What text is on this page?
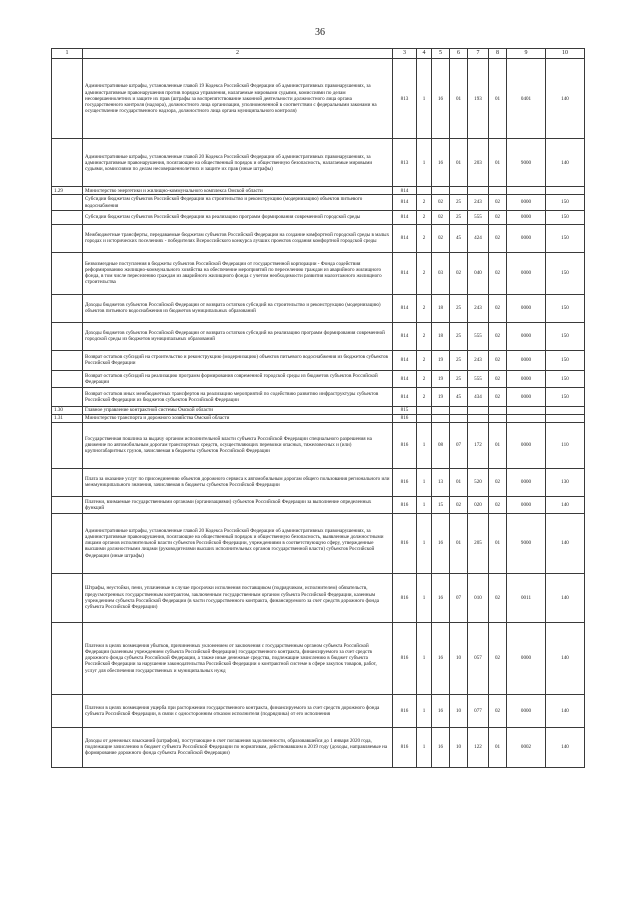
36
1	2	3	4	5	6	7	8	9	10
	Административные штрафы, установленные главой 19 Кодекса Российской Федерации об административных правонарушениях, за административные правонарушения против порядка управления, налагаемые мировыми судьями, комиссиями по делам несовершеннолетних и защите их прав (штрафы за воспрепятствование законной деятельности должностного лица органа государственного контроля (надзора), должностного лица организации, уполномоченной в соответствии с федеральными законами на осуществление государственного надзора, должностного лица органа муниципального контроля)	813	1	16	01	193	01	0401	140
	Административные штрафы, установленные главой 20 Кодекса Российской Федерации об административных правонарушениях, за административные правонарушения, посягающие на общественный порядок и общественную безопасность, налагаемые мировыми судьями, комиссиями по делам несовершеннолетних и защите их прав (иные штрафы)	813	1	16	01	203	01	9000	140
1.29	Министерство энергетики и жилищно-коммунального комплекса Омской области	814							
	Субсидии бюджетам субъектов Российской Федерации на строительство и реконструкцию (модернизацию) объектов питьевого водоснабжения	814	2	02	25	243	02	0000	150
	Субсидии бюджетам субъектов Российской Федерации на реализацию программ формирования современной городской среды	814	2	02	25	555	02	0000	150
	Межбюджетные трансферты, передаваемые бюджетам субъектов Российской Федерации на создание комфортной городской среды в малых городах и исторических поселениях - победителях Всероссийского конкурса лучших проектов создания комфортной городской среды	814	2	02	45	424	02	0000	150
	Безвозмездные поступления в бюджеты субъектов Российской Федерации от государственной корпорации - Фонда содействия реформированию жилищно-коммунального хозяйства на обеспечение мероприятий по переселению граждан из аварийного жилищного фонда, в том числе переселению граждан из аварийного жилищного фонда с учетом необходимости развития малоэтажного жилищного строительства	814	2	03	02	040	02	0000	150
	Доходы бюджетов субъектов Российской Федерации от возврата остатков субсидий на строительство и реконструкцию (модернизацию) объектов питьевого водоснабжения из бюджетов муниципальных образований	814	2	18	25	243	02	0000	150
	Доходы бюджетов субъектов Российской Федерации от возврата остатков субсидий на реализацию программ формирования современной городской среды из бюджетов муниципальных образований	814	2	18	25	555	02	0000	150
	Возврат остатков субсидий на строительство и реконструкцию (модернизацию) объектов питьевого водоснабжения из бюджетов субъектов Российской Федерации	814	2	19	25	243	02	0000	150
	Возврат остатков субсидий на реализацию программ формирования современной городской среды из бюджетов субъектов Российской Федерации	814	2	19	25	555	02	0000	150
	Возврат остатков иных межбюджетных трансфертов на реализацию мероприятий по содействию развитию инфраструктуры субъектов Российской Федерации из бюджетов субъектов Российской Федерации	814	2	19	45	434	02	0000	150
1.30	Главное управление контрактной системы Омской области	815							
1.31	Министерство транспорта и дорожного хозяйства Омской области	816							
	Государственная пошлина за выдачу органом исполнительной власти субъекта Российской Федерации специального разрешения на движение по автомобильным дорогам транспортных средств, осуществляющих перевозки опасных, тяжеловесных и (или) крупногабаритных грузов, зачисляемая в бюджеты субъектов Российской Федерации	816	1	08	07	172	01	0000	110
	Плата за оказание услуг по присоединению объектов дорожного сервиса к автомобильным дорогам общего пользования регионального или межмуниципального значения, зачисляемая в бюджеты субъектов Российской Федерации	816	1	13	01	520	02	0000	130
	Платежи, взимаемые государственными органами (организациями) субъектов Российской Федерации за выполнение определенных функций	816	1	15	02	020	02	0000	140
	Административные штрафы, установленные главой 20 Кодекса Российской Федерации об административных правонарушениях, за административные правонарушения, посягающие на общественный порядок и общественную безопасность, выявленные должностными лицами органов исполнительной власти субъектов Российской Федерации, учреждениями в соответствующую сферу, утвержденные высшими должностными лицами (руководителями высших исполнительных органов государственной власти) субъектов Российской Федерации (иные штрафы)	816	1	16	01	205	01	9000	140
	Штрафы, неустойки, пени, уплаченные в случае просрочки исполнения поставщиком (подрядчиком, исполнителем) обязательств, предусмотренных государственным контрактом, заключенным государственным органом субъекта Российской Федерации, казенным учреждением субъекта Российской Федерации (в части государственного контракта, финансируемого за счет средств дорожного фонда субъекта Российской Федерации)	816	1	16	07	010	02	0011	140
	Платежи в целях возмещения убытков, причиненных уклонением от заключения с государственным органом субъекта Российской Федерации (казенным учреждением субъекта Российской Федерации) государственного контракта, финансируемого за счет средств дорожного фонда субъекта Российской Федерации, а также иные денежные средства, подлежащие зачислению в бюджет субъекта Российской Федерации за нарушение законодательства Российской Федерации о контрактной системе в сфере закупок товаров, работ, услуг для обеспечения государственных и муниципальных нужд	816	1	16	10	057	02	0000	140
	Платежи в целях возмещения ущерба при расторжении государственного контракта, финансируемого за счет средств дорожного фонда субъекта Российской Федерации, в связи с односторонним отказом исполнителя (подрядчика) от его исполнения	816	1	16	10	077	02	0000	140
	Доходы от денежных взысканий (штрафов), поступающие в счет погашения задолженности, образовавшейся до 1 января 2020 года, подлежащие зачислению в бюджет субъекта Российской Федерации по нормативам, действовавшим в 2019 году (доходы, направляемые на формирование дорожного фонда субъекта Российской Федерации)	816	1	16	10	122	01	0002	140
